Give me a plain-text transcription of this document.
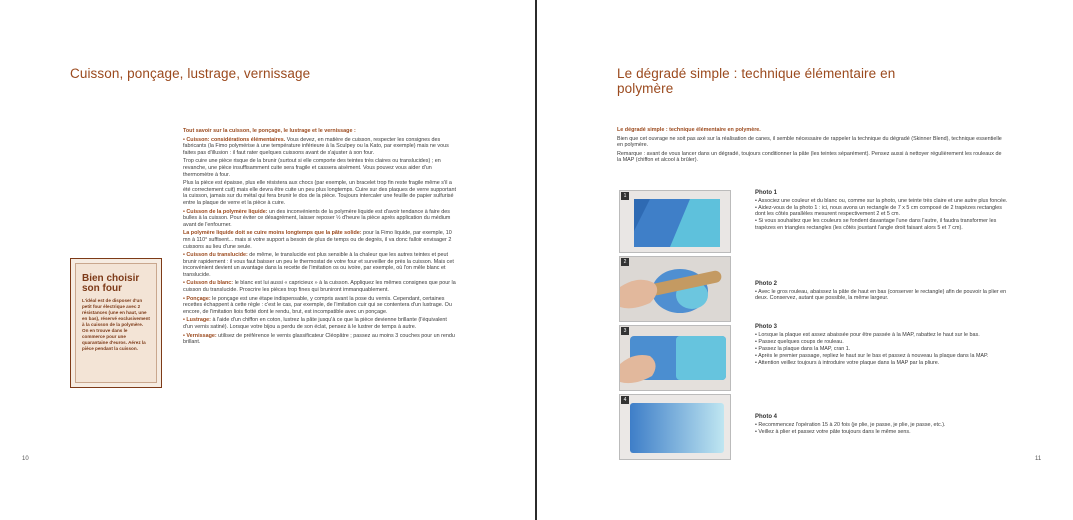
Cuisson, ponçage, lustrage, vernissage
Bien choisir son four
L'idéal est de disposer d'un petit four électrique avec 2 résistances (une en haut, une en bas), réservé exclusivement à la cuisson de la polymère. On en trouve dans le commerce pour une quarantaine d'euros. Aérez la pièce pendant la cuisson.

Tout savoir sur la cuisson, le ponçage, le lustrage et le vernissage :

• Cuisson: considérations élémentaires. Vous devez, en matière de cuisson, respecter les consignes des fabricants (la Fimo polymérise à une température inférieure à la Sculpey ou la Kato, par exemple) mais ne vous faites pas d'illusion : il faut rater quelques cuissons avant de s'ajuster à son four.

Trop cuire une pièce risque de la brunir (surtout si elle comporte des teintes très claires ou translucides) ; en revanche, une pièce insuffisamment cuite sera fragile et cassera aisément. Vous pouvez vous aider d'un thermomètre à four.

Plus la pièce est épaisse, plus elle résistera aux chocs (par exemple, un bracelet trop fin reste fragile même s'il a été correctement cuit) mais elle devra être cuite un peu plus longtemps. Cuire sur des plaques de verre supportant la cuisson, jamais sur du métal qui fera brunir le dos de la pièce. Toujours intercaler une feuille de papier sulfurisé entre la plaque de verre et la pièce à cuire.

• Cuisson de la polymère liquide: un des inconvénients de la polymère liquide est d'avoir tendance à faire des bulles à la cuisson. Pour éviter ce désagrément, laisser reposer ½ d'heure la pièce après application du médium avant de l'enfourner.

La polymère liquide doit se cuire moins longtemps que la pâte solide: pour la Fimo liquide, par exemple, 10 mn à 110° suffisent... mais si votre support a besoin de plus de temps ou de degrés, il va donc falloir envisager 2 cuissons au lieu d'une seule.

• Cuisson du translucide: de même, le translucide est plus sensible à la chaleur que les autres teintes et peut brunir rapidement : il vous faut baisser un peu le thermostat de votre four et surveiller de près la cuisson. Mais cet inconvénient devient un avantage dans la recette de l'imitation os ou ivoire, par exemple, où l'on mêle blanc et translucide.

• Cuisson du blanc: le blanc est lui aussi « capricieux » à la cuisson. Appliquez les mêmes consignes que pour la cuisson du translucide. Proscrire les pièces trop fines qui bruniront immanquablement.

• Ponçage: le ponçage est une étape indispensable, y compris avant la pose du vernis. Cependant, certaines recettes échappent à cette règle : c'est le cas, par exemple, de l'imitation cuir qui se contentera d'un lustrage. Ou encore, de l'imitation liois flotté dont le rendu, brut, est incompatible avec un ponçage.

• Lustrage: à l'aide d'un chiffon en coton, lustrez la pâte jusqu'à ce que la pièce devienne brillante (l'équivalent d'un vernis satiné). Lorsque votre bijou a perdu de son éclat, pensez à le lustrer de temps à autre.

• Vernissage: utilisez de préférence le vernis glassificateur Cléopâtre ; passez au moins 3 couches pour un rendu brillant.

10
Le dégradé simple : technique élémentaire en polymère

Le dégradé simple : technique élémentaire en polymère.

Bien que cet ouvrage ne soit pas axé sur la réalisation de canes, il semble nécessaire de rappeler la technique du dégradé (Skinner Blend), technique essentielle en polymère.

Remarque : avant de vous lancer dans un dégradé, toujours conditionner la pâte (les teintes séparément). Pensez aussi à nettoyer régulièrement les rouleaux de la MAP (chiffon et alcool à brûler).

1
2
3
4
Photo 1

• Associez une couleur et du blanc ou, comme sur la photo, une teinte très claire et une autre plus foncée.

• Aidez-vous de la photo 1 : ici, nous avons un rectangle de 7 x 5 cm composé de 2 trapèzes rectangles dont les côtés parallèles mesurent respectivement 2 et 5 cm.

• Si vous souhaitez que les couleurs se fondent davantage l'une dans l'autre, il faudra transformer les trapèzes en triangles rectangles (les côtés jouxtant l'angle droit faisant alors 5 et 7 cm).

Photo 2

• Avec le gros rouleau, abaissez la pâte de haut en bas (conserver le rectangle) afin de pouvoir la plier en deux. Conservez, autant que possible, la même largeur.

Photo 3

• Lorsque la plaque est assez abaissée pour être passée à la MAP, rabattez le haut sur le bas.

• Passez quelques coups de rouleau.

• Passez la plaque dans la MAP, cran 1.

• Après le premier passage, repliez le haut sur le bas et passez à nouveau la plaque dans la MAP.

• Attention veillez toujours à introduire votre plaque dans la MAP par la pliure.

Photo 4

• Recommencez l'opération 15 à 20 fois (je plie, je passe, je plie, je passe, etc.).

• Veillez à plier et passez votre pâte toujours dans le même sens.

11
